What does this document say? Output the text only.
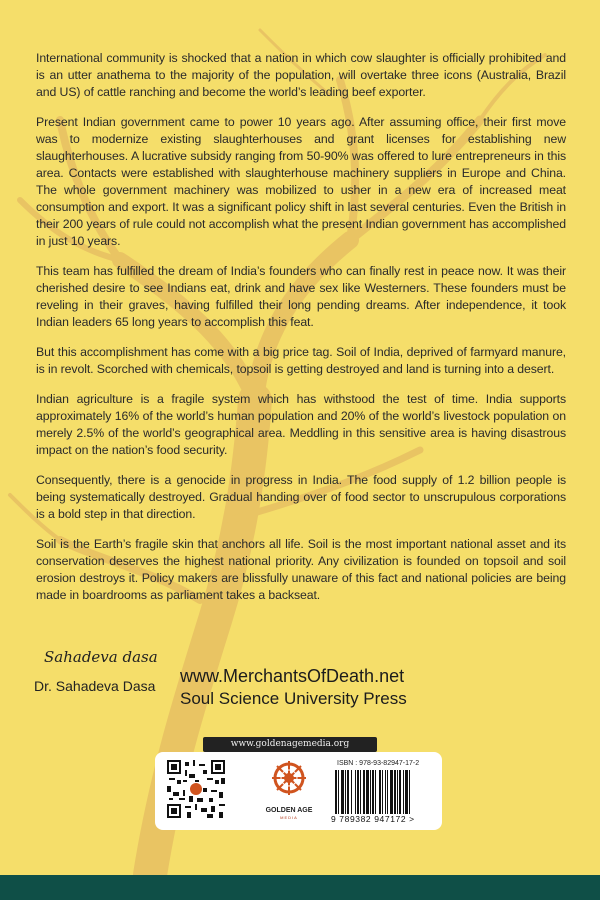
International community is shocked that a nation in which cow slaughter is officially prohibited and is an utter anathema to the majority of the population, will overtake three icons (Australia, Brazil and US) of cattle ranching and become the world’s leading beef exporter.

Present Indian government came to power 10 years ago. After assuming office, their first move was to modernize existing slaughterhouses and grant licenses for establishing new slaughterhouses. A lucrative subsidy ranging from 50-90% was offered to lure entrepreneurs in this area. Contacts were established with slaughterhouse machinery suppliers in Europe and China. The whole government machinery was mobilized to usher in a new era of increased meat consumption and export. It was a significant policy shift in last several centuries. Even the British in their 200 years of rule could not accomplish what the present Indian government has accomplished in just 10 years.

This team has fulfilled the dream of India’s founders who can finally rest in peace now. It was their cherished desire to see Indians eat, drink and have sex like Westerners. These founders must be reveling in their graves, having fulfilled their long pending dreams. After independence, it took Indian leaders 65 long years to accomplish this feat.

But this accomplishment has come with a big price tag. Soil of India, deprived of farmyard manure, is in revolt. Scorched with chemicals, topsoil is getting destroyed and land is turning into a desert.

Indian agriculture is a fragile system which has withstood the test of time. India supports approximately 16% of the world’s human population and 20% of the world’s livestock population on merely 2.5% of the world’s geographical area. Meddling in this sensitive area is having disastrous impact on the nation’s food security.

Consequently, there is a genocide in progress in India. The food supply of 1.2 billion people is being systematically destroyed. Gradual handing over of food sector to unscrupulous corporations is a bold step in that direction.

Soil is the Earth’s fragile skin that anchors all life. Soil is the most important national asset and its conservation deserves the highest national priority. Any civilization is founded on topsoil and soil erosion destroys it. Policy makers are blissfully unaware of this fact and national policies are being made in boardrooms as parliament takes a backseat.

Sahadeva dasa
Dr. Sahadeva Dasa www.MerchantsOfDeath.net
Soul Science University Press
www.goldenagemedia.org
GOLDEN AGE
MEDIA
ISBN : 978-93-82947-17-2
9 789382 947172 >
